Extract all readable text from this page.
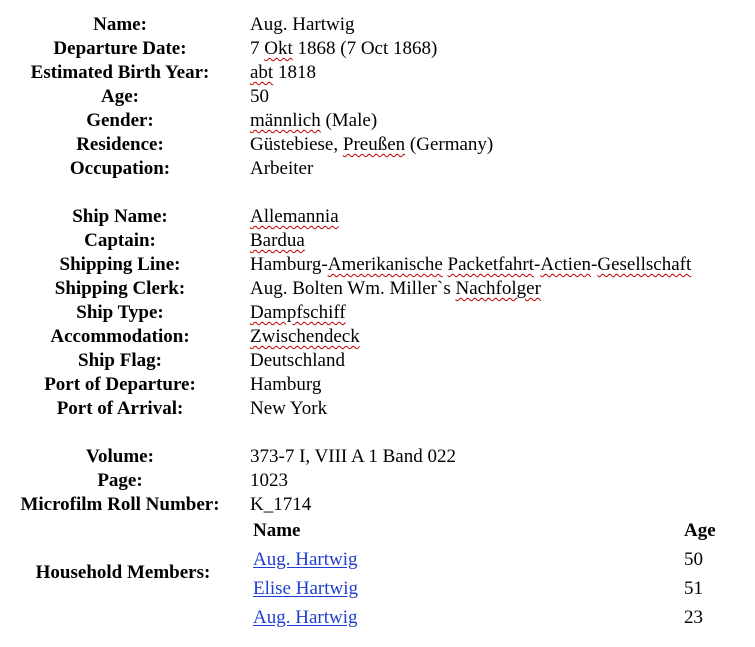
Name:	Aug. Hartwig
Departure Date:	7 Okt 1868 (7 Oct 1868)
Estimated Birth Year:	abt 1818
Age:	50
Gender:	männlich (Male)
Residence:	Güstebiese, Preußen (Germany)
Occupation:	Arbeiter
Ship Name:	Allemannia
Captain:	Bardua
Shipping Line:	Hamburg-Amerikanische Packetfahrt-Actien-Gesellschaft
Shipping Clerk:	Aug. Bolten Wm. Miller`s Nachfolger
Ship Type:	Dampfschiff
Accommodation:	Zwischendeck
Ship Flag:	Deutschland
Port of Departure:	Hamburg
Port of Arrival:	New York
Volume:	373-7 I, VIII A 1 Band 022
Page:	1023
Microfilm Roll Number:	K_1714
Household Members:
Name	Age
Aug. Hartwig	50
Elise Hartwig	51
Aug. Hartwig	23
